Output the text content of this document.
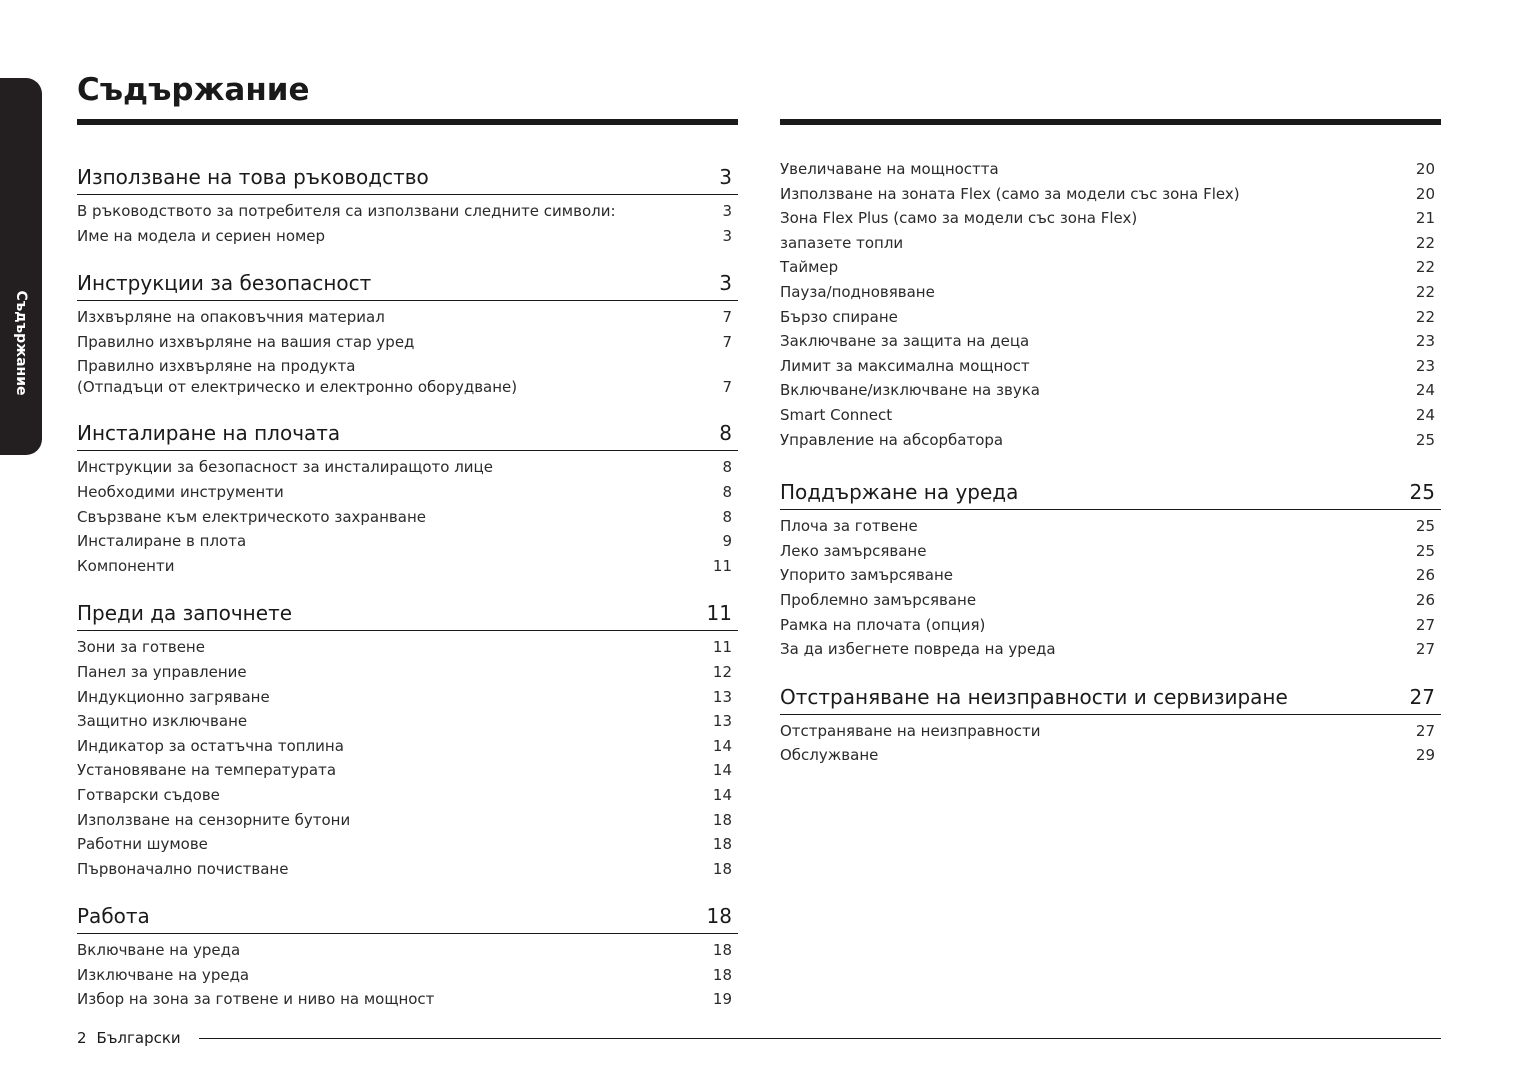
Съдържание
Съдържание
Използване на това ръководство	3
В ръководството за потребителя са използвани следните символи:	3
Име на модела и сериен номер	3
Инструкции за безопасност	3
Изхвърляне на опаковъчния материал	7
Правилно изхвърляне на вашия стар уред	7
Правилно изхвърляне на продукта
(Отпадъци от електрическо и електронно оборудване)	7
Инсталиране на плочата	8
Инструкции за безопасност за инсталиращото лице	8
Необходими инструменти	8
Свързване към електрическото захранване	8
Инсталиране в плота	9
Компоненти	11
Преди да започнете	11
Зони за готвене	11
Панел за управление	12
Индукционно загряване	13
Защитно изключване	13
Индикатор за остатъчна топлина	14
Установяване на температурата	14
Готварски съдове	14
Използване на сензорните бутони	18
Работни шумове	18
Първоначално почистване	18
Работа	18
Включване на уреда	18
Изключване на уреда	18
Избор на зона за готвене и ниво на мощност	19
Увеличаване на мощността	20
Използване на зоната Flex (само за модели със зона Flex)	20
Зона Flex Plus (само за модели със зона Flex)	21
запазете топли	22
Таймер	22
Пауза/подновяване	22
Бързо спиране	22
Заключване за защита на деца	23
Лимит за максимална мощност	23
Включване/изключване на звука	24
Smart Connect	24
Управление на абсорбатора	25
Поддържане на уреда	25
Плоча за готвене	25
Леко замърсяване	25
Упорито замърсяване	26
Проблемно замърсяване	26
Рамка на плочата (опция)	27
За да избегнете повреда на уреда	27
Отстраняване на неизправности и сервизиране	27
Отстраняване на неизправности	27
Обслужване	29
2 Български
